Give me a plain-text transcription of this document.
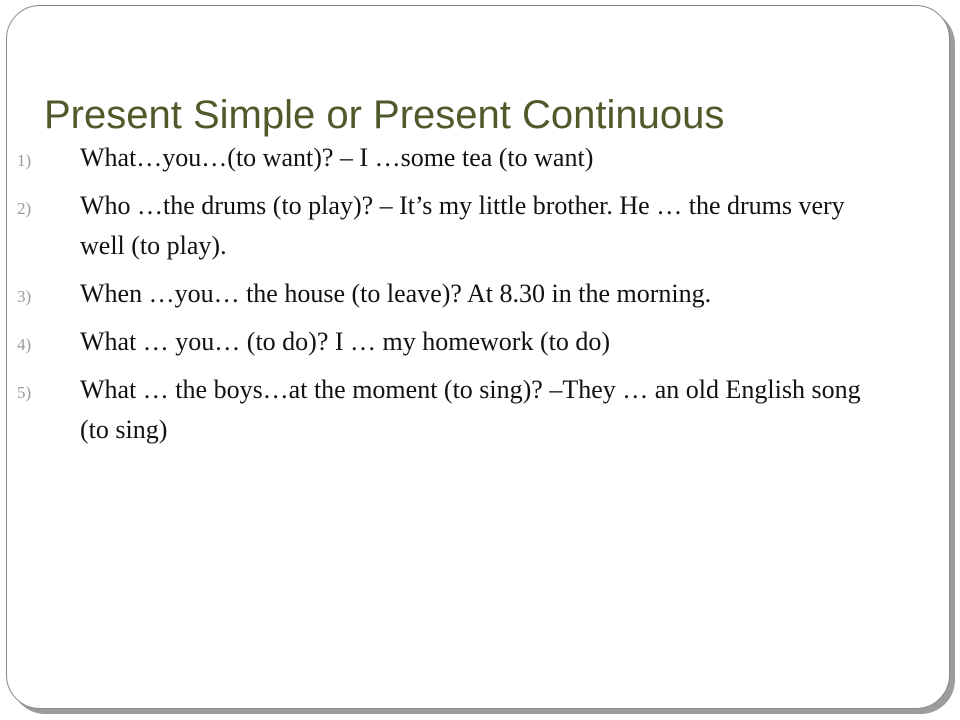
Present Simple or Present Continuous
1)	What…you…(to want)? – I …some tea (to want)
2)	Who …the drums (to play)? – It’s my little brother. He … the drums very well (to play).
3)	When …you… the house (to leave)? At 8.30 in the morning.
4)	What … you… (to do)? I … my homework (to do)
5)	What … the boys…at the moment (to sing)? –They … an old English song (to sing)
